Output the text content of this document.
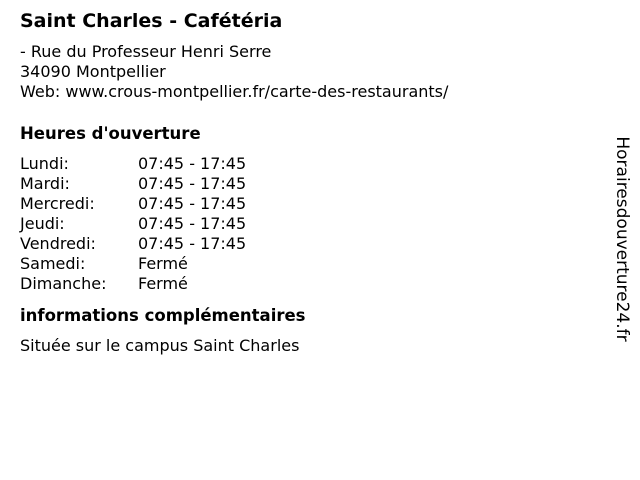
Saint Charles - Cafétéria
- Rue du Professeur Henri Serre
34090 Montpellier
Web: www.crous-montpellier.fr/carte-des-restaurants/
Heures d'ouverture
Lundi:	07:45 - 17:45
Mardi:	07:45 - 17:45
Mercredi:	07:45 - 17:45
Jeudi:	07:45 - 17:45
Vendredi:	07:45 - 17:45
Samedi:	Fermé
Dimanche:	Fermé
informations complémentaires
Située sur le campus Saint Charles
Horairesdouverture24.fr
